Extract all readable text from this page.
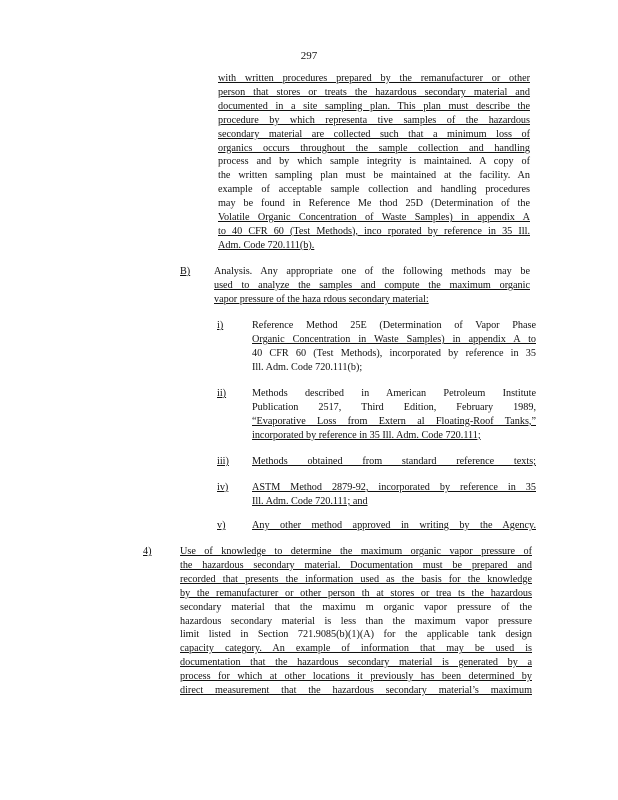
297
with written procedures prepared by the remanufacturer or other
person that stores or treats the hazardous secondary material and
documented in a site sampling plan. This plan must describe the
procedure by which representa tive samples of the hazardous
secondary material are collected such that a minimum loss of
organics occurs throughout the sample collection and handling
process and by which sample integrity is maintained. A copy of
the written sampling plan must be maintained at the facility. An
example of acceptable sample collection and handling procedures
may be found in Reference Me thod 25D (Determination of the
Volatile Organic Concentration of Waste Samples) in appendix A
to 40 CFR 60 (Test Methods), inco rporated by reference in 35 Ill.
Adm. Code 720.111(b).
B) Analysis. Any appropriate one of the following methods may be
used to analyze the samples and compute the maximum organic
vapor pressure of the haza rdous secondary material:
i)	Reference Method 25E (Determination of Vapor Phase
Organic Concentration in Waste Samples) in appendix A to
40 CFR 60 (Test Methods), incorporated by reference in 35
Ill. Adm. Code 720.111(b);
ii)	Methods described in American Petroleum Institute
Publication 2517, Third Edition, February 1989,
“Evaporative Loss from Extern al Floating-Roof Tanks,”
incorporated by reference in 35 Ill. Adm. Code 720.111;
iii) Methods obtained from standard reference texts;
iv) ASTM Method 2879-92, incorporated by reference in 35
Ill. Adm. Code 720.111; and
v)	Any other method approved in writing by the Agency.
4)	Use of knowledge to determine the maximum organic vapor pressure of
the hazardous secondary material. Documentation must be prepared and
recorded that presents the information used as the basis for the knowledge
by the remanufacturer or other person th at stores or trea ts the hazardous
secondary material that the maximu m organic vapor pressure of the
hazardous secondary material is less than the maximum vapor pressure
limit listed in Section 721.9085(b)(1)(A) for the applicable tank design
capacity category. An example of information that may be used is
documentation that the hazardous secondary material is generated by a
process for which at other locations it previously has been determined by
direct measurement that the hazardous secondary material’s maximum
